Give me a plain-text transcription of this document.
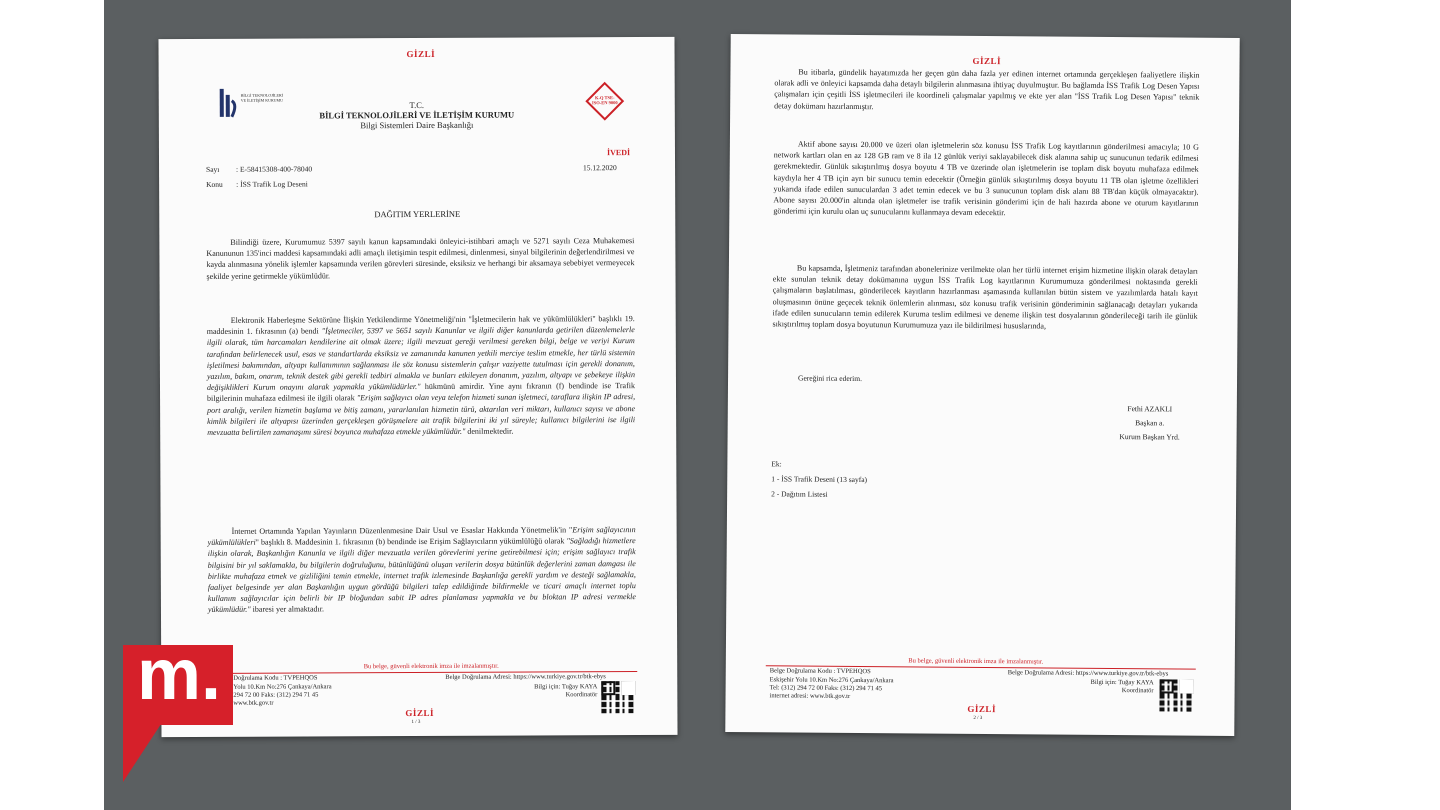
GİZLİ
BİLGİ TEKNOLOJİLERİ VE İLETİŞİM KURUMU	K-Q TSE-ISO-EN 9000
T.C.
BİLGİ TEKNOLOJİLERİ VE İLETİŞİM KURUMU
Bilgi Sistemleri Daire Başkanlığı
İVEDİ
Sayı : E-58415308-400-78040	15.12.2020
Konu : İSS Trafik Log Deseni
DAĞITIM YERLERİNE
Bilindiği üzere, Kurumumuz 5397 sayılı kanun kapsamındaki önleyici-istihbari amaçlı ve 5271 sayılı Ceza Muhakemesi Kanununun 135'inci maddesi kapsamındaki adli amaçlı iletişimin tespit edilmesi, dinlenmesi, sinyal bilgilerinin değerlendirilmesi ve kayda alınmasına yönelik işlemler kapsamında verilen görevleri süresinde, eksiksiz ve herhangi bir aksamaya sebebiyet vermeyecek şekilde yerine getirmekle yükümlüdür.
Elektronik Haberleşme Sektörüne İlişkin Yetkilendirme Yönetmeliği'nin "İşletmecilerin hak ve yükümlülükleri" başlıklı 19. maddesinin 1. fıkrasının (a) bendi "İşletmeciler, 5397 ve 5651 sayılı Kanunlar ve ilgili diğer kanunlarda getirilen düzenlemelerle ilgili olarak, tüm harcamaları kendilerine ait olmak üzere; ilgili mevzuat gereği verilmesi gereken bilgi, belge ve veriyi Kurum tarafından belirlenecek usul, esas ve standartlarda eksiksiz ve zamanında kanunen yetkili merciye teslim etmekle, her türlü sistemin işletilmesi bakımından, altyapı kullanımının sağlanması ile söz konusu sistemlerin çalışır vaziyette tutulması için gerekli donanım, yazılım, bakım, onarım, teknik destek gibi gerekli tedbiri almakla ve bunları etkileyen donanım, yazılım, altyapı ve şebekeye ilişkin değişiklikleri Kurum onayını alarak yapmakla yükümlüdürler." hükmünü amirdir. Yine aynı fıkranın (f) bendinde ise Trafik bilgilerinin muhafaza edilmesi ile ilgili olarak "Erişim sağlayıcı olan veya telefon hizmeti sunan işletmeci, taraflara ilişkin IP adresi, port aralığı, verilen hizmetin başlama ve bitiş zamanı, yararlanılan hizmetin türü, aktarılan veri miktarı, kullanıcı sayısı ve abone kimlik bilgileri ile altyapısı üzerinden gerçekleşen görüşmelere ait trafik bilgilerini iki yıl süreyle; kullanıcı bilgilerini ise ilgili mevzuatta belirtilen zamanaşımı süresi boyunca muhafaza etmekle yükümlüdür." denilmektedir.
İnternet Ortamında Yapılan Yayınların Düzenlenmesine Dair Usul ve Esaslar Hakkında Yönetmelik'in "Erişim sağlayıcının yükümlülükleri" başlıklı 8. Maddesinin 1. fıkrasının (b) bendinde ise Erişim Sağlayıcıların yükümlülüğü olarak "Sağladığı hizmetlere ilişkin olarak, Başkanlığın Kanunla ve ilgili diğer mevzuatla verilen görevlerini yerine getirebilmesi için; erişim sağlayıcı trafik bilgisini bir yıl saklamakla, bu bilgilerin doğruluğunu, bütünlüğünü oluşan verilerin dosya bütünlük değerlerini zaman damgası ile birlikte muhafaza etmek ve gizliliğini temin etmekle, internet trafik izlemesinde Başkanlığa gerekli yardım ve desteği sağlamakla, faaliyet belgesinde yer alan Başkanlığın uygun gördüğü bilgileri talep edildiğinde bildirmekle ve ticari amaçlı internet toplu kullanım sağlayıcılar için belirli bir IP bloğundan sabit IP adres planlaması yapmakla ve bu bloktan IP adresi vermekle yükümlüdür." ibaresi yer almaktadır.
Bu belge, güvenli elektronik imza ile imzalanmıştır.
Doğrulama Kodu : TVPEHQOS	Belge Doğrulama Adresi: https://www.turkiye.gov.tr/btk-ebys
Yolu 10.Km No:276 Çankaya/Ankara
294 72 00 Faks: (312) 294 71 45
www.btk.gov.tr
Bilgi için: Tuğay KAYA
Koordinatör
GİZLİ
1 / 3
GİZLİ
Bu itibarla, gündelik hayatımızda her geçen gün daha fazla yer edinen internet ortamında gerçekleşen faaliyetlere ilişkin olarak adli ve önleyici kapsamda daha detaylı bilgilerin alınmasına ihtiyaç duyulmuştur. Bu bağlamda İSS Trafik Log Desen Yapısı çalışmaları için çeşitli İSS işletmecileri ile koordineli çalışmalar yapılmış ve ekte yer alan "İSS Trafik Log Desen Yapısı" teknik detay dokümanı hazırlanmıştır.
Aktif abone sayısı 20.000 ve üzeri olan işletmelerin söz konusu İSS Trafik Log kayıtlarının gönderilmesi amacıyla; 10 G network kartları olan en az 128 GB ram ve 8 ila 12 günlük veriyi saklayabilecek disk alanına sahip uç sunucunun tedarik edilmesi gerekmektedir. Günlük sıkıştırılmış dosya boyutu 4 TB ve üzerinde olan işletmelerin ise toplam disk boyutu muhafaza edilmek kaydıyla her 4 TB için ayrı bir sunucu temin edecektir (Örneğin günlük sıkıştırılmış dosya boyutu 11 TB olan işletme özellikleri yukarıda ifade edilen sunuculardan 3 adet temin edecek ve bu 3 sunucunun toplam disk alanı 88 TB'dan küçük olmayacaktır). Abone sayısı 20.000'in altında olan işletmeler ise trafik verisinin gönderimi için de hali hazırda abone ve oturum kayıtlarının gönderimi için kurulu olan uç sunucularını kullanmaya devam edecektir.
Bu kapsamda, İşletmeniz tarafından abonelerinize verilmekte olan her türlü internet erişim hizmetine ilişkin olarak detayları ekte sunulan teknik detay dokümanına uygun İSS Trafik Log kayıtlarının Kurumumuza gönderilmesi noktasında gerekli çalışmaların başlatılması, gönderilecek kayıtların hazırlanması aşamasında kullanılan bütün sistem ve yazılımlarda hatalı kayıt oluşmasının önüne geçecek teknik önlemlerin alınması, söz konusu trafik verisinin gönderiminin sağlanacağı detayları yukarıda ifade edilen sunucuların temin edilerek Kuruma teslim edilmesi ve deneme ilişkin test dosyalarının gönderileceği tarih ile günlük sıkıştırılmış toplam dosya boyutunun Kurumumuza yazı ile bildirilmesi hususlarında,
Gereğini rica ederim.
Fethi AZAKLI
Başkan a.
Kurum Başkan Yrd.
Ek:
1 - İSS Trafik Deseni (13 sayfa)
2 - Dağıtım Listesi
Bu belge, güvenli elektronik imza ile imzalanmıştır.
Belge Doğrulama Kodu : TVPEHQOS	Belge Doğrulama Adresi: https://www.turkiye.gov.tr/btk-ebys
Eskişehir Yolu 10.Km No:276 Çankaya/Ankara
Tel: (312) 294 72 00 Faks: (312) 294 71 45
internet adresi: www.btk.gov.tr
Bilgi için: Tuğay KAYA
Koordinatör
GİZLİ
2 / 3
m.
